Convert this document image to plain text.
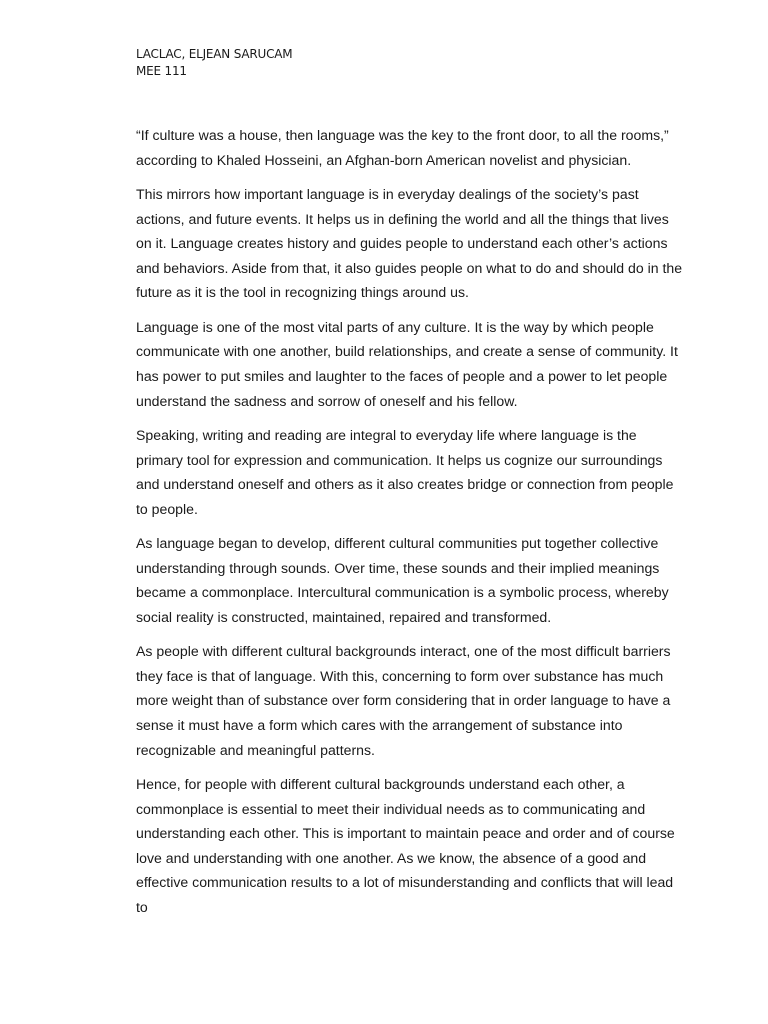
LACLAC, ELJEAN SARUCAM
MEE 111

“If culture was a house, then language was the key to the front door, to all the rooms,” according to Khaled Hosseini, an Afghan-born American novelist and physician.

This mirrors how important language is in everyday dealings of the society’s past actions, and future events. It helps us in defining the world and all the things that lives on it. Language creates history and guides people to understand each other’s actions and behaviors. Aside from that, it also guides people on what to do and should do in the future as it is the tool in recognizing things around us.

Language is one of the most vital parts of any culture. It is the way by which people communicate with one another, build relationships, and create a sense of community. It has power to put smiles and laughter to the faces of people and a power to let people understand the sadness and sorrow of oneself and his fellow.

Speaking, writing and reading are integral to everyday life where language is the primary tool for expression and communication. It helps us cognize our surroundings and understand oneself and others as it also creates bridge or connection from people to people.

As language began to develop, different cultural communities put together collective understanding through sounds. Over time, these sounds and their implied meanings became a commonplace. Intercultural communication is a symbolic process, whereby social reality is constructed, maintained, repaired and transformed.

As people with different cultural backgrounds interact, one of the most difficult barriers they face is that of language. With this, concerning to form over substance has much more weight than of substance over form considering that in order language to have a sense it must have a form which cares with the arrangement of substance into recognizable and meaningful patterns.

Hence, for people with different cultural backgrounds understand each other, a commonplace is essential to meet their individual needs as to communicating and understanding each other. This is important to maintain peace and order and of course love and understanding with one another. As we know, the absence of a good and effective communication results to a lot of misunderstanding and conflicts that will lead to
